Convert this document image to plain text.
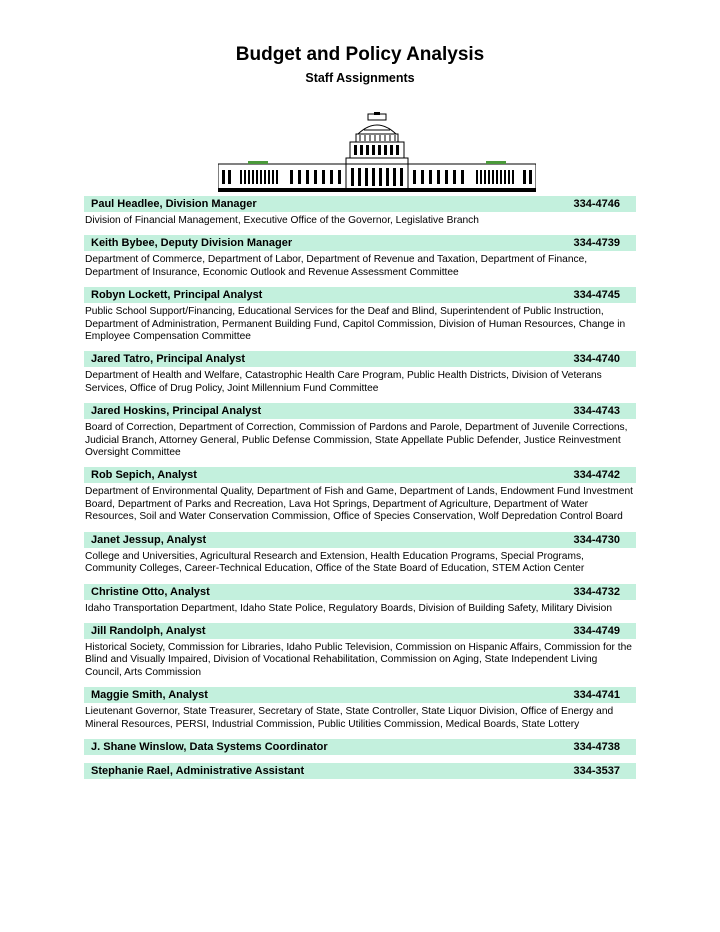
Budget and Policy Analysis
Staff Assignments
Paul Headlee, Division Manager	334-4746
Division of Financial Management, Executive Office of the Governor, Legislative Branch
Keith Bybee, Deputy Division Manager	334-4739
Department of Commerce, Department of Labor, Department of Revenue and Taxation, Department of Finance, Department of Insurance, Economic Outlook and Revenue Assessment Committee
Robyn Lockett, Principal Analyst	334-4745
Public School Support/Financing, Educational Services for the Deaf and Blind, Superintendent of Public Instruction, Department of Administration, Permanent Building Fund, Capitol Commission, Division of Human Resources, Change in Employee Compensation Committee
Jared Tatro, Principal Analyst	334-4740
Department of Health and Welfare, Catastrophic Health Care Program, Public Health Districts, Division of Veterans Services, Office of Drug Policy, Joint Millennium Fund Committee
Jared Hoskins, Principal Analyst	334-4743
Board of Correction, Department of Correction, Commission of Pardons and Parole, Department of Juvenile Corrections, Judicial Branch, Attorney General, Public Defense Commission, State Appellate Public Defender, Justice Reinvestment Oversight Committee
Rob Sepich, Analyst	334-4742
Department of Environmental Quality, Department of Fish and Game, Department of Lands, Endowment Fund Investment Board, Department of Parks and Recreation, Lava Hot Springs, Department of Agriculture, Department of Water Resources, Soil and Water Conservation Commission, Office of Species Conservation, Wolf Depredation Control Board
Janet Jessup, Analyst	334-4730
College and Universities, Agricultural Research and Extension, Health Education Programs, Special Programs, Community Colleges, Career-Technical Education, Office of the State Board of Education, STEM Action Center
Christine Otto, Analyst	334-4732
Idaho Transportation Department, Idaho State Police, Regulatory Boards, Division of Building Safety, Military Division
Jill Randolph, Analyst	334-4749
Historical Society, Commission for Libraries, Idaho Public Television, Commission on Hispanic Affairs, Commission for the Blind and Visually Impaired, Division of Vocational Rehabilitation, Commission on Aging, State Independent Living Council, Arts Commission
Maggie Smith, Analyst	334-4741
Lieutenant Governor, State Treasurer, Secretary of State, State Controller, State Liquor Division, Office of Energy and Mineral Resources, PERSI, Industrial Commission, Public Utilities Commission, Medical Boards, State Lottery
J. Shane Winslow, Data Systems Coordinator	334-4738
Stephanie Rael, Administrative Assistant	334-3537
